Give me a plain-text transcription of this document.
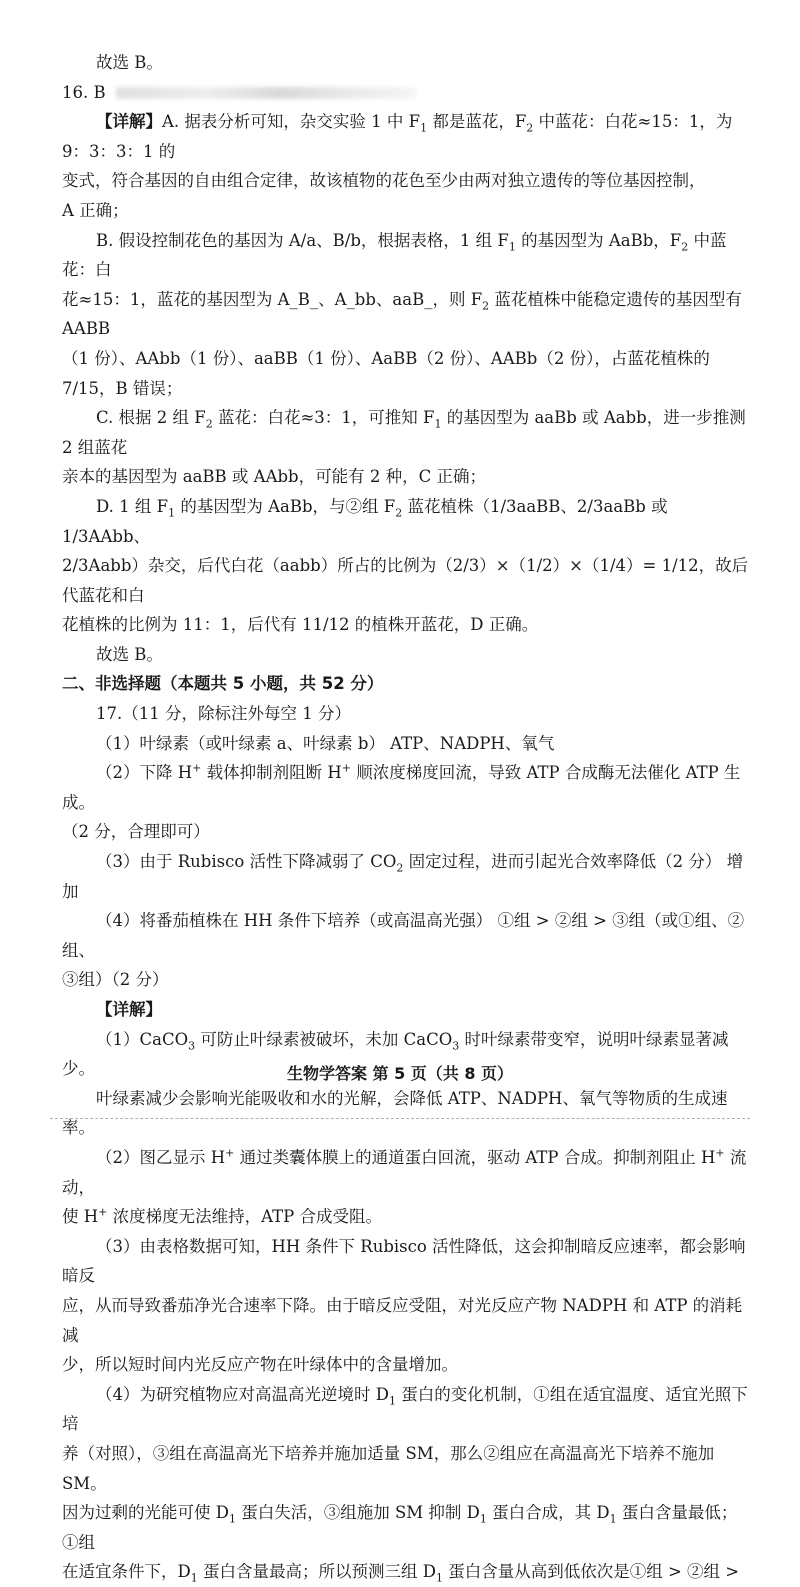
故选 B。

16. B

【详解】A. 据表分析可知，杂交实验 1 中 $F_1$ 都是蓝花，$F_2$ 中蓝花：白花≈15：1，为 9：3：3：1 的

变式，符合基因的自由组合定律，故该植物的花色至少由两对独立遗传的等位基因控制，

A 正确；

B. 假设控制花色的基因为 A/a、B/b，根据表格，1 组 $F_1$ 的基因型为 AaBb，$F_2$ 中蓝花：白

花≈15：1，蓝花的基因型为 A_B_、A_bb、aaB_，则 $F_2$ 蓝花植株中能稳定遗传的基因型有 AABB

（1 份）、AAbb（1 份）、aaBB（1 份）、AaBB（2 份）、AABb（2 份），占蓝花植株的 7/15，B 错误；

C. 根据 2 组 $F_2$ 蓝花：白花≈3：1，可推知 $F_1$ 的基因型为 aaBb 或 Aabb，进一步推测 2 组蓝花

亲本的基因型为 aaBB 或 AAbb，可能有 2 种，C 正确；

D. 1 组 $F_1$ 的基因型为 AaBb，与②组 $F_2$ 蓝花植株（1/3aaBB、2/3aaBb 或 1/3AAbb、

2/3Aabb）杂交，后代白花（aabb）所占的比例为（2/3）×（1/2）×（1/4）= 1/12，故后代蓝花和白

花植株的比例为 11：1，后代有 11/12 的植株开蓝花，D 正确。

故选 B。

二、非选择题（本题共 5 小题，共 52 分）

17.（11 分，除标注外每空 1 分）

（1）叶绿素（或叶绿素 a、叶绿素 b） ATP、NADPH、氧气

（2）下降 H+ 载体抑制剂阻断 H+ 顺浓度梯度回流，导致 ATP 合成酶无法催化 ATP 生成。

（2 分，合理即可）

（3）由于 Rubisco 活性下降减弱了 $CO_2$ 固定过程，进而引起光合效率降低（2 分） 增加

（4）将番茄植株在 HH 条件下培养（或高温高光强） ①组 > ②组 > ③组（或①组、②组、

③组）（2 分）

【详解】

（1）CaCO$_3$ 可防止叶绿素被破坏，未加 CaCO$_3$ 时叶绿素带变窄，说明叶绿素显著减少。

叶绿素减少会影响光能吸收和水的光解，会降低 ATP、NADPH、氧气等物质的生成速率。

（2）图乙显示 H+ 通过类囊体膜上的通道蛋白回流，驱动 ATP 合成。抑制剂阻止 H+ 流动，

使 H+ 浓度梯度无法维持，ATP 合成受阻。

（3）由表格数据可知，HH 条件下 Rubisco 活性降低，这会抑制暗反应速率，都会影响暗反

应，从而导致番茄净光合速率下降。由于暗反应受阻，对光反应产物 NADPH 和 ATP 的消耗减

少，所以短时间内光反应产物在叶绿体中的含量增加。

（4）为研究植物应对高温高光逆境时 $D_1$ 蛋白的变化机制，①组在适宜温度、适宜光照下培

养（对照），③组在高温高光下培养并施加适量 SM，那么②组应在高温高光下培养不施加 SM。

因为过剩的光能可使 $D_1$ 蛋白失活，③组施加 SM 抑制 $D_1$ 蛋白合成，其 $D_1$ 蛋白含量最低；①组

在适宜条件下，$D_1$ 蛋白含量最高；所以预测三组 $D_1$ 蛋白含量从高到低依次是①组 > ②组 >

生物学答案 第 5 页（共 8 页）
